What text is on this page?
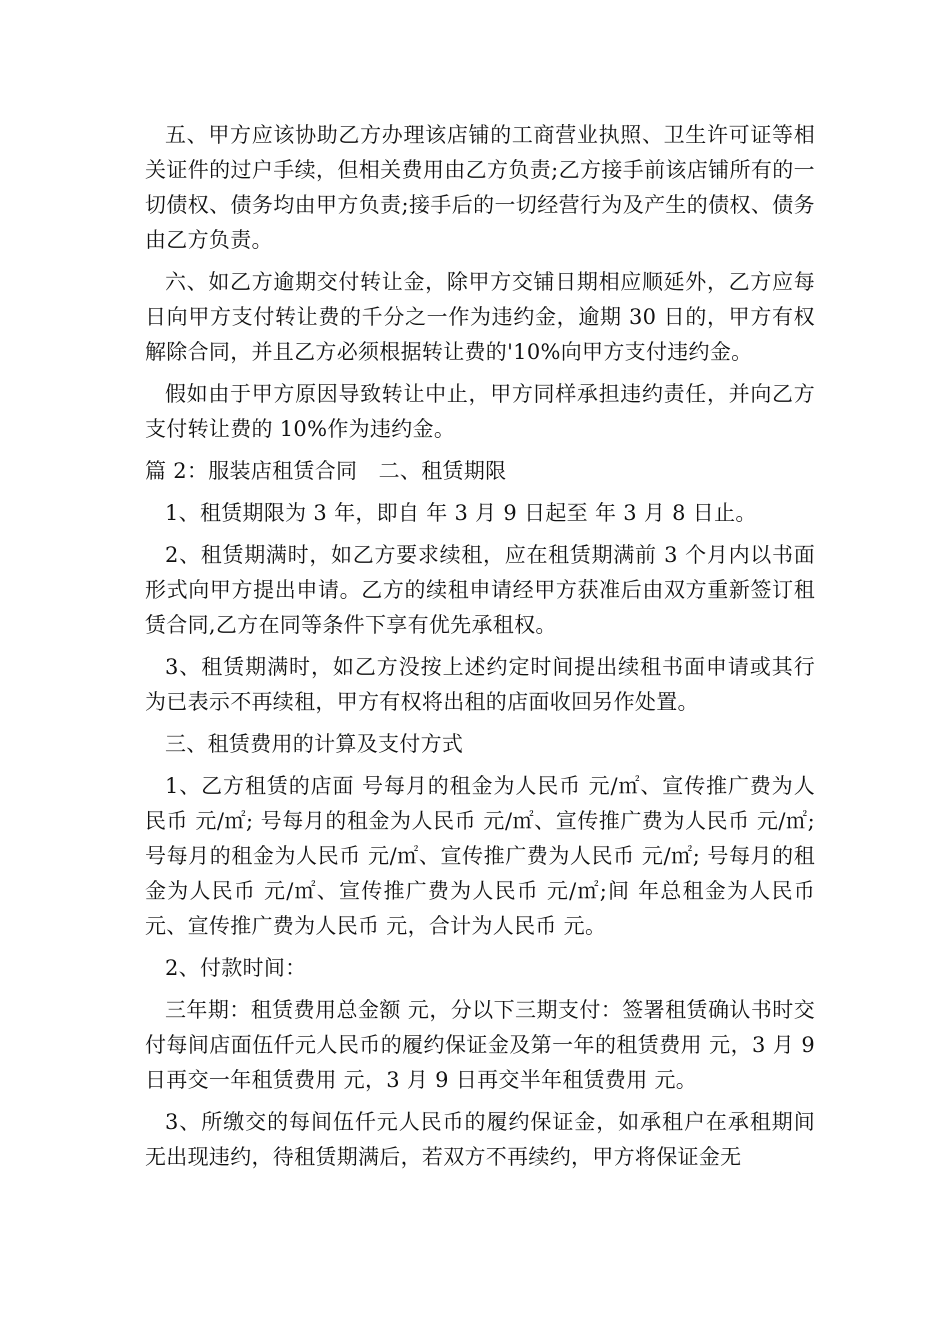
五、甲方应该协助乙方办理该店铺的工商营业执照、卫生许可证等相关证件的过户手续，但相关费用由乙方负责;乙方接手前该店铺所有的一切债权、债务均由甲方负责;接手后的一切经营行为及产生的债权、债务由乙方负责。

六、如乙方逾期交付转让金，除甲方交铺日期相应顺延外，乙方应每日向甲方支付转让费的千分之一作为违约金，逾期 30 日的，甲方有权解除合同，并且乙方必须根据转让费的'10%向甲方支付违约金。

假如由于甲方原因导致转让中止，甲方同样承担违约责任，并向乙方支付转让费的 10%作为违约金。

篇 2：服装店租赁合同　二、租赁期限

1、租赁期限为 3 年，即自 年 3 月 9 日起至 年 3 月 8 日止。

2、租赁期满时，如乙方要求续租，应在租赁期满前 3 个月内以书面形式向甲方提出申请。乙方的续租申请经甲方获准后由双方重新签订租赁合同,乙方在同等条件下享有优先承租权。

3、租赁期满时，如乙方没按上述约定时间提出续租书面申请或其行为已表示不再续租，甲方有权将出租的店面收回另作处置。

三、租赁费用的计算及支付方式

1、乙方租赁的店面 号每月的租金为人民币 元/㎡、宣传推广费为人民币 元/㎡; 号每月的租金为人民币 元/㎡、宣传推广费为人民币 元/㎡; 号每月的租金为人民币 元/㎡、宣传推广费为人民币 元/㎡; 号每月的租金为人民币 元/㎡、宣传推广费为人民币 元/㎡;间 年总租金为人民币 元、宣传推广费为人民币 元，合计为人民币 元。

2、付款时间：

三年期：租赁费用总金额 元，分以下三期支付：签署租赁确认书时交付每间店面伍仟元人民币的履约保证金及第一年的租赁费用 元，3 月 9 日再交一年租赁费用 元，3 月 9 日再交半年租赁费用 元。

3、所缴交的每间伍仟元人民币的履约保证金，如承租户在承租期间无出现违约，待租赁期满后，若双方不再续约，甲方将保证金无
